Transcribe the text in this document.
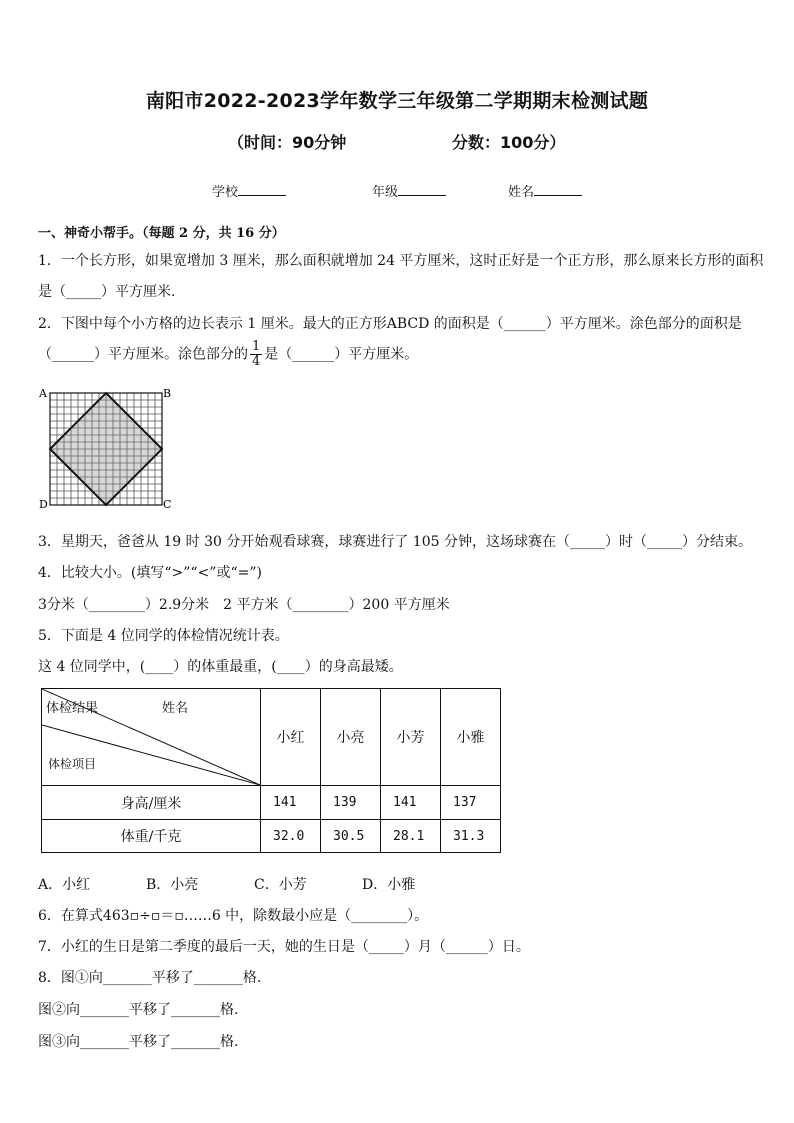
南阳市2022-2023学年数学三年级第二学期期末检测试题
（时间：90分钟	分数：100分）
学校	年级	姓名
一、神奇小帮手。（每题 2 分，共 16 分）
1．一个长方形，如果宽增加 3 厘米，那么面积就增加 24 平方厘米，这时正好是一个正方形，那么原来长方形的面积
是（_____）平方厘米.
2．下图中每个小方格的边长表示 1 厘米。最大的正方形ABCD 的面积是（______）平方厘米。涂色部分的面积是
（______）平方厘米。涂色部分的 $\frac{1}{4}$ 是（______）平方厘米。
A	B
C
D
3．星期天，爸爸从 19 时 30 分开始观看球赛，球赛进行了 105 分钟，这场球赛在（_____）时（_____）分结束。
4．比较大小。(填写“>”“<”或“=”)
3分米（________）2.9分米　2 平方米（________）200 平方厘米
5．下面是 4 位同学的体检情况统计表。
这 4 位同学中，(____）的体重最重，(____）的身高最矮。
体检结果 姓名
体检项目	小红	小亮	小芳	小雅
身高/厘米	141	139	141	137
体重/千克	32.0	30.5	28.1	31.3
A．小红	B．小亮	C．小芳	D．小雅
6．在算式463▫÷▫＝▫……6 中，除数最小应是（________）。
7．小红的生日是第二季度的最后一天，她的生日是（_____）月（______）日。
8．图①向_______平移了_______格.
图②向_______平移了_______格.
图③向_______平移了_______格.
